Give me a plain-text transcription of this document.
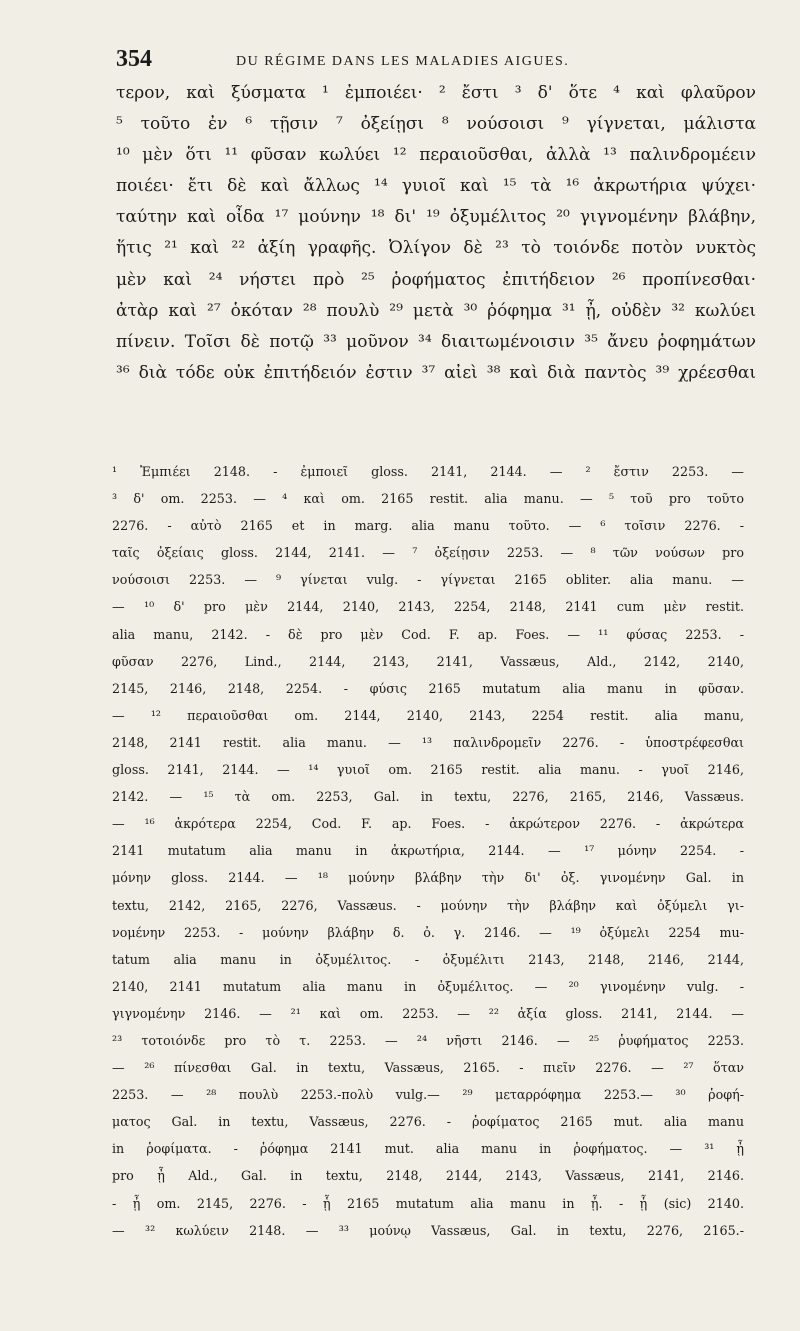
354	DU RÉGIME DANS LES MALADIES AIGUES.
τερον, καὶ ξύσματα ¹ ἐμποιέει· ² ἔστι ³ δ' ὅτε ⁴ καὶ φλαῦρον
⁵ τοῦτο ἐν ⁶ τῇσιν ⁷ ὀξείῃσι ⁸ νούσοισι ⁹ γίγνεται, μάλιστα
¹⁰ μὲν ὅτι ¹¹ φῦσαν κωλύει ¹² περαιοῦσθαι, ἀλλὰ ¹³ παλινδρομέειν
ποιέει· ἔτι δὲ καὶ ἄλλως ¹⁴ γυιοῖ καὶ ¹⁵ τὰ ¹⁶ ἀκρωτήρια ψύχει·
ταύτην καὶ οἶδα ¹⁷ μούνην ¹⁸ δι' ¹⁹ ὀξυμέλιτος ²⁰ γιγνομένην βλάβην,
ἥτις ²¹ καὶ ²² ἀξίη γραφῆς. Ὀλίγον δὲ ²³ τὸ τοιόνδε ποτὸν νυκτὸς
μὲν καὶ ²⁴ νήστει πρὸ ²⁵ ῥοφήματος ἐπιτήδειον ²⁶ προπίνεσθαι·
ἀτὰρ καὶ ²⁷ ὁκόταν ²⁸ πουλὺ ²⁹ μετὰ ³⁰ ῥόφημα ³¹ ᾖ, οὐδὲν ³² κωλύει
πίνειν. Τοῖσι δὲ ποτῷ ³³ μοῦνον ³⁴ διαιτωμένοισιν ³⁵ ἄνευ ῥοφημάτων
³⁶ διὰ τόδε οὐκ ἐπιτήδειόν ἐστιν ³⁷ αἰεὶ ³⁸ καὶ διὰ παντὸς ³⁹ χρέεσθαι
¹ Ἐμπιέει 2148. - ἐμποιεῖ gloss. 2141, 2144. — ² ἔστιν 2253. —
³ δ' om. 2253. — ⁴ καὶ om. 2165 restit. alia manu. — ⁵ τοῦ pro τοῦτο
2276. - αὐτὸ 2165 et in marg. alia manu τοῦτο. — ⁶ τοῖσιν 2276. -
ταῖς ὀξείαις gloss. 2144, 2141. — ⁷ ὀξείῃσιν 2253. — ⁸ τῶν νούσων pro
νούσοισι 2253. — ⁹ γίνεται vulg. - γίγνεται 2165 obliter. alia manu. —
— ¹⁰ δ' pro μὲν 2144, 2140, 2143, 2254, 2148, 2141 cum μὲν restit.
alia manu, 2142. - δὲ pro μὲν Cod. F. ap. Foes. — ¹¹ φύσας 2253. -
φῦσαν 2276, Lind., 2144, 2143, 2141, Vassæus, Ald., 2142, 2140,
2145, 2146, 2148, 2254. - φύσις 2165 mutatum alia manu in φῦσαν.
— ¹² περαιοῦσθαι om. 2144, 2140, 2143, 2254 restit. alia manu,
2148, 2141 restit. alia manu. — ¹³ παλινδρομεῖν 2276. - ὑποστρέφεσθαι
gloss. 2141, 2144. — ¹⁴ γυιοῖ om. 2165 restit. alia manu. - γυοῖ 2146,
2142. — ¹⁵ τὰ om. 2253, Gal. in textu, 2276, 2165, 2146, Vassæus.
— ¹⁶ ἀκρότερα 2254, Cod. F. ap. Foes. - ἀκρώτερον 2276. - ἀκρώτερα
2141 mutatum alia manu in ἀκρωτήρια, 2144. — ¹⁷ μόνην 2254. -
μόνην gloss. 2144. — ¹⁸ μούνην βλάβην τὴν δι' ὀξ. γινομένην Gal. in
textu, 2142, 2165, 2276, Vassæus. - μούνην τὴν βλάβην καὶ ὀξύμελι γι-
νομένην 2253. - μούνην βλάβην δ. ὀ. γ. 2146. — ¹⁹ ὀξύμελι 2254 mu-
tatum alia manu in ὀξυμέλιτος. - ὀξυμέλιτι 2143, 2148, 2146, 2144,
2140, 2141 mutatum alia manu in ὀξυμέλιτος. — ²⁰ γινομένην vulg. -
γιγνομένην 2146. — ²¹ καὶ om. 2253. — ²² ἀξία gloss. 2141, 2144. —
²³ τοτοιόνδε pro τὸ τ. 2253. — ²⁴ νῆστι 2146. — ²⁵ ῥυφήματος 2253.
— ²⁶ πίνεσθαι Gal. in textu, Vassæus, 2165. - πιεῖν 2276. — ²⁷ ὅταν
2253. — ²⁸ πουλὺ 2253.-πολὺ vulg.— ²⁹ μεταρρόφημα 2253.— ³⁰ ῥοφή-
ματος Gal. in textu, Vassæus, 2276. - ῥοφίματος 2165 mut. alia manu
in ῥοφίματα. - ῥόφημα 2141 mut. alia manu in ῥοφήματος. — ³¹ ᾖ
pro ᾖ Ald., Gal. in textu, 2148, 2144, 2143, Vassæus, 2141, 2146.
- ᾖ om. 2145, 2276. - ᾗ 2165 mutatum alia manu in ᾖ. - ᾗ (sic) 2140.
— ³² κωλύειν 2148. — ³³ μούνῳ Vassæus, Gal. in textu, 2276, 2165.-
